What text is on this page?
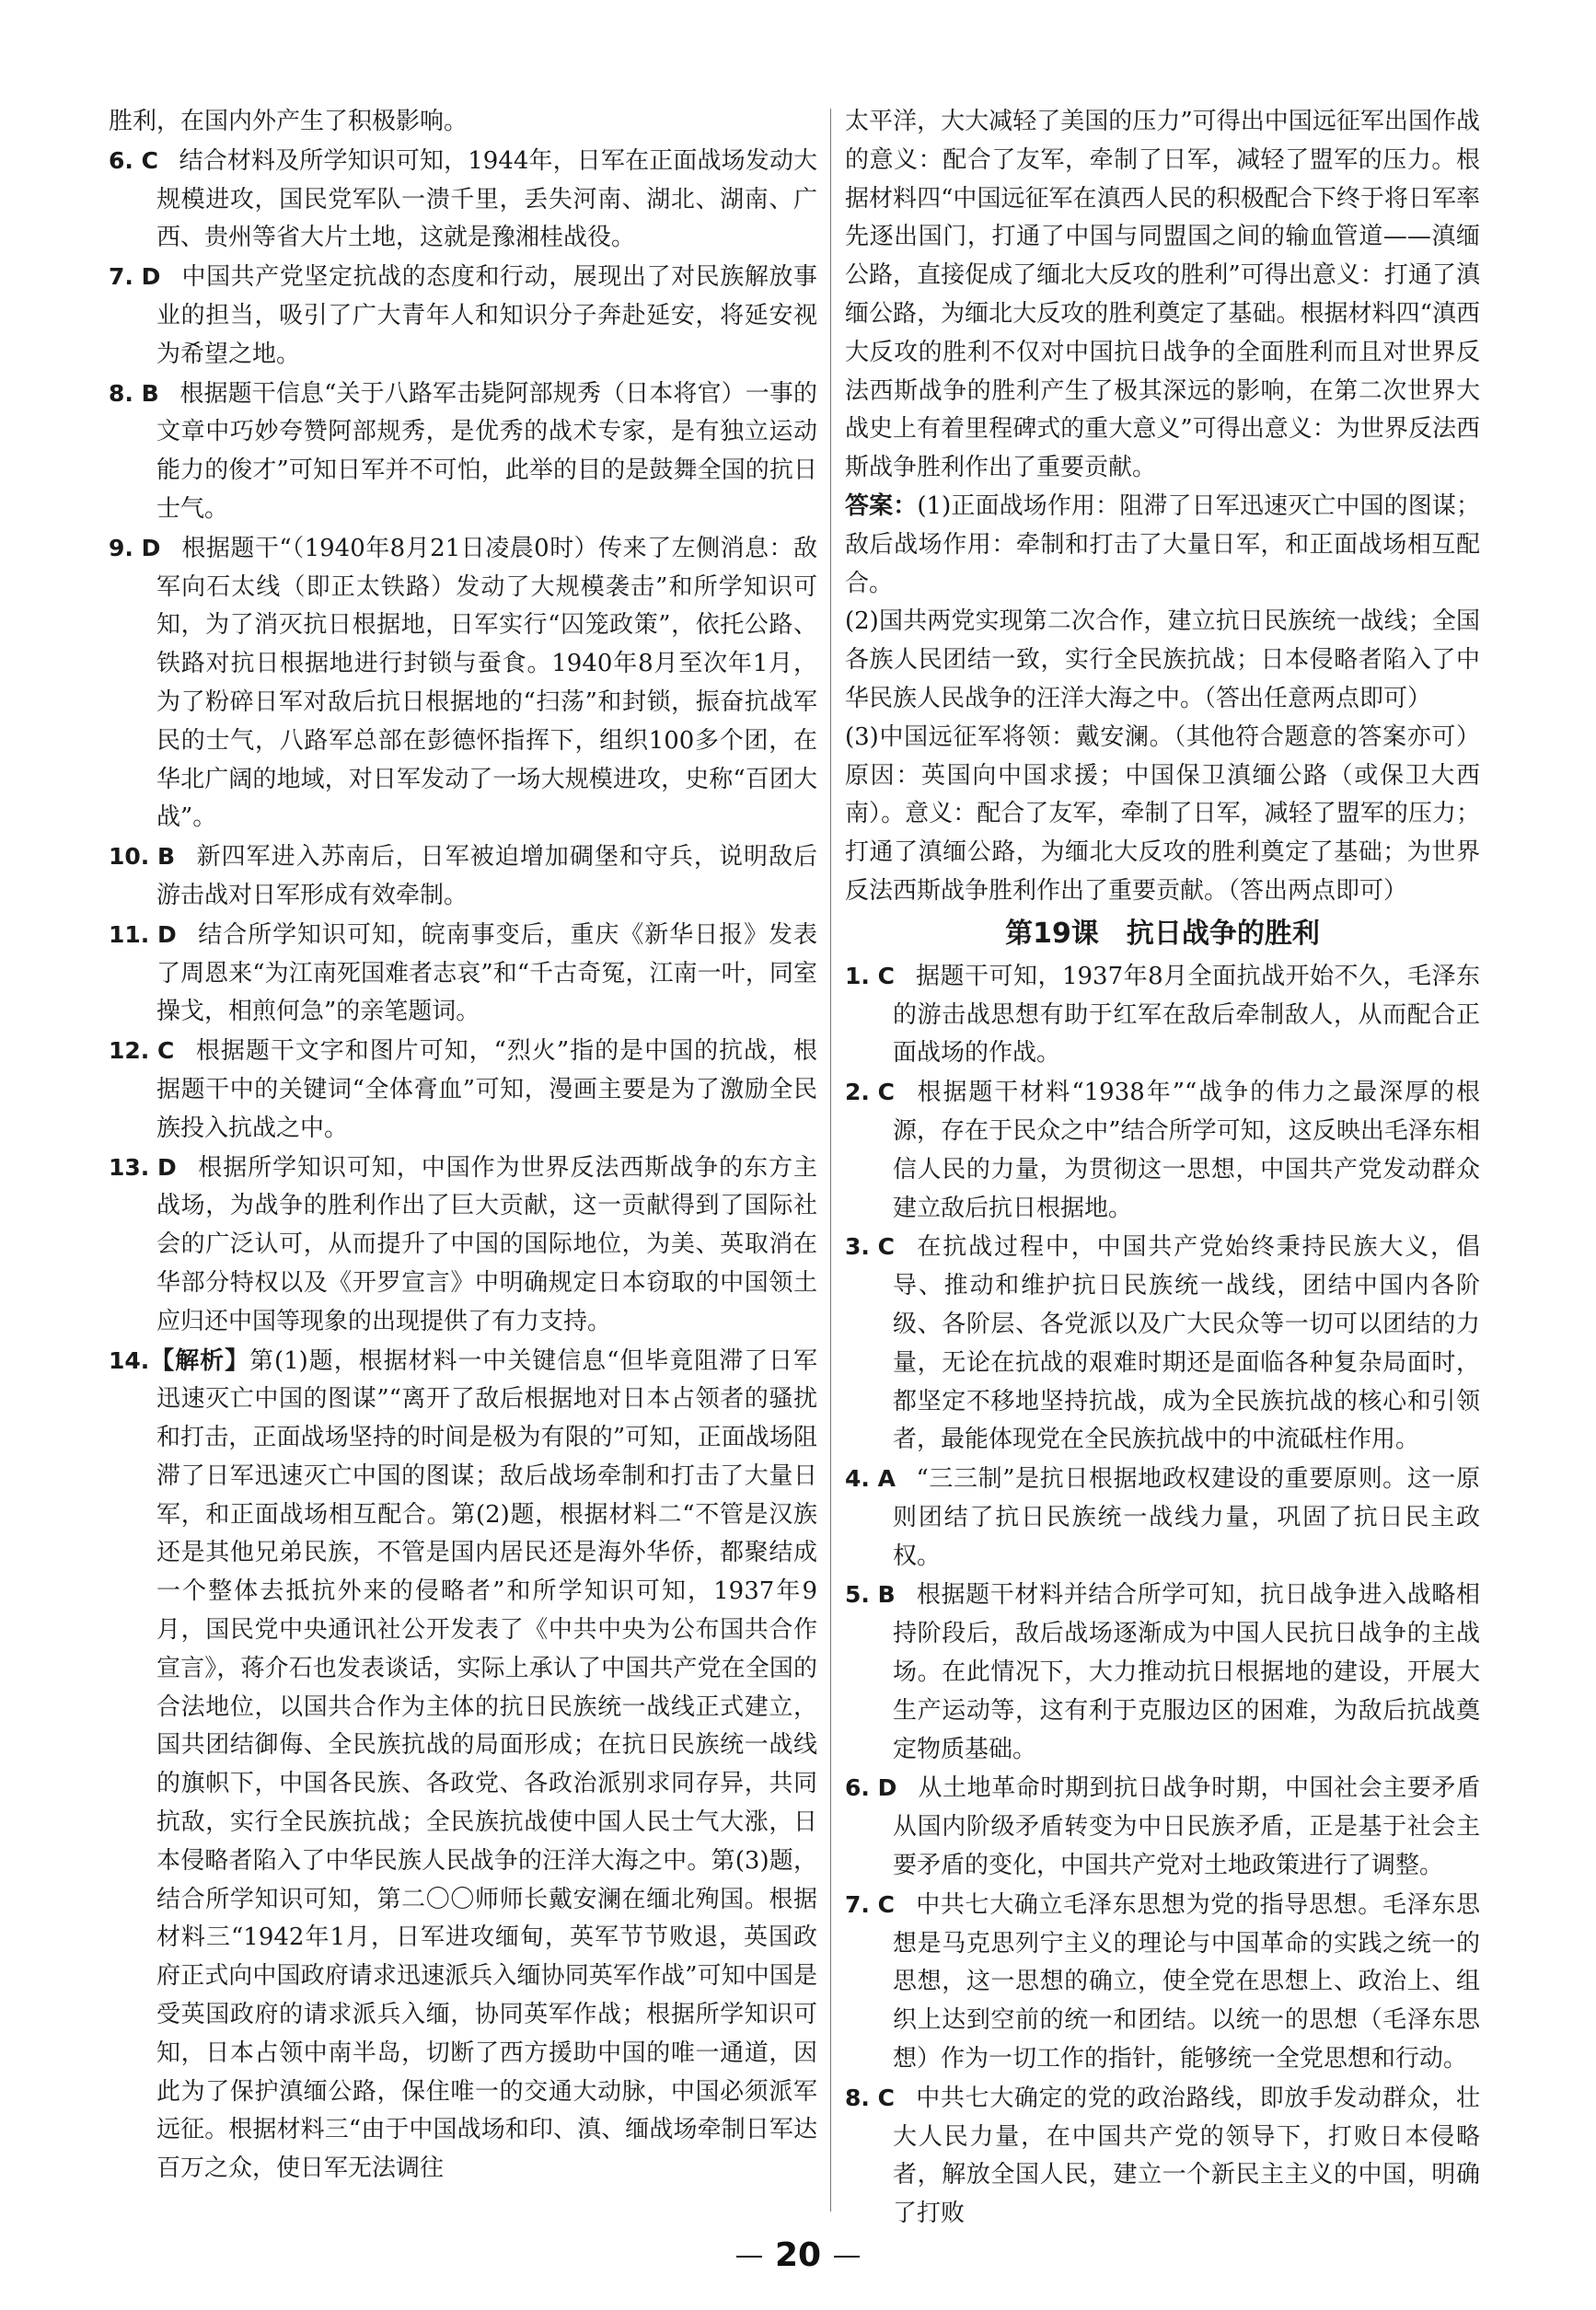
胜利，在国内外产生了积极影响。

6. C 结合材料及所学知识可知，1944年，日军在正面战场发动大规模进攻，国民党军队一溃千里，丢失河南、湖北、湖南、广西、贵州等省大片土地，这就是豫湘桂战役。

7. D 中国共产党坚定抗战的态度和行动，展现出了对民族解放事业的担当，吸引了广大青年人和知识分子奔赴延安，将延安视为希望之地。

8. B 根据题干信息“关于八路军击毙阿部规秀（日本将官）一事的文章中巧妙夸赞阿部规秀，是优秀的战术专家，是有独立运动能力的俊才”可知日军并不可怕，此举的目的是鼓舞全国的抗日士气。

9. D 根据题干“（1940年8月21日凌晨0时）传来了左侧消息：敌军向石太线（即正太铁路）发动了大规模袭击”和所学知识可知，为了消灭抗日根据地，日军实行“囚笼政策”，依托公路、铁路对抗日根据地进行封锁与蚕食。1940年8月至次年1月，为了粉碎日军对敌后抗日根据地的“扫荡”和封锁，振奋抗战军民的士气，八路军总部在彭德怀指挥下，组织100多个团，在华北广阔的地域，对日军发动了一场大规模进攻，史称“百团大战”。

10. B 新四军进入苏南后，日军被迫增加碉堡和守兵，说明敌后游击战对日军形成有效牵制。

11. D 结合所学知识可知，皖南事变后，重庆《新华日报》发表了周恩来“为江南死国难者志哀”和“千古奇冤，江南一叶，同室操戈，相煎何急”的亲笔题词。

12. C 根据题干文字和图片可知，“烈火”指的是中国的抗战，根据题干中的关键词“全体膏血”可知，漫画主要是为了激励全民族投入抗战之中。

13. D 根据所学知识可知，中国作为世界反法西斯战争的东方主战场，为战争的胜利作出了巨大贡献，这一贡献得到了国际社会的广泛认可，从而提升了中国的国际地位，为美、英取消在华部分特权以及《开罗宣言》中明确规定日本窃取的中国领土应归还中国等现象的出现提供了有力支持。

14.【解析】第(1)题，根据材料一中关键信息“但毕竟阻滞了日军迅速灭亡中国的图谋”“离开了敌后根据地对日本占领者的骚扰和打击，正面战场坚持的时间是极为有限的”可知，正面战场阻滞了日军迅速灭亡中国的图谋；敌后战场牵制和打击了大量日军，和正面战场相互配合。第(2)题，根据材料二“不管是汉族还是其他兄弟民族，不管是国内居民还是海外华侨，都聚结成一个整体去抵抗外来的侵略者”和所学知识可知，1937年9月，国民党中央通讯社公开发表了《中共中央为公布国共合作宣言》，蒋介石也发表谈话，实际上承认了中国共产党在全国的合法地位，以国共合作为主体的抗日民族统一战线正式建立，国共团结御侮、全民族抗战的局面形成；在抗日民族统一战线的旗帜下，中国各民族、各政党、各政治派别求同存异，共同抗敌，实行全民族抗战；全民族抗战使中国人民士气大涨，日本侵略者陷入了中华民族人民战争的汪洋大海之中。第(3)题，结合所学知识可知，第二〇〇师师长戴安澜在缅北殉国。根据材料三“1942年1月，日军进攻缅甸，英军节节败退，英国政府正式向中国政府请求迅速派兵入缅协同英军作战”可知中国是受英国政府的请求派兵入缅，协同英军作战；根据所学知识可知，日本占领中南半岛，切断了西方援助中国的唯一通道，因此为了保护滇缅公路，保住唯一的交通大动脉，中国必须派军远征。根据材料三“由于中国战场和印、滇、缅战场牵制日军达百万之众，使日军无法调往

太平洋，大大减轻了美国的压力”可得出中国远征军出国作战的意义：配合了友军，牵制了日军，减轻了盟军的压力。根据材料四“中国远征军在滇西人民的积极配合下终于将日军率先逐出国门，打通了中国与同盟国之间的输血管道——滇缅公路，直接促成了缅北大反攻的胜利”可得出意义：打通了滇缅公路，为缅北大反攻的胜利奠定了基础。根据材料四“滇西大反攻的胜利不仅对中国抗日战争的全面胜利而且对世界反法西斯战争的胜利产生了极其深远的影响，在第二次世界大战史上有着里程碑式的重大意义”可得出意义：为世界反法西斯战争胜利作出了重要贡献。

答案：(1)正面战场作用：阻滞了日军迅速灭亡中国的图谋；敌后战场作用：牵制和打击了大量日军，和正面战场相互配合。

(2)国共两党实现第二次合作，建立抗日民族统一战线；全国各族人民团结一致，实行全民族抗战；日本侵略者陷入了中华民族人民战争的汪洋大海之中。（答出任意两点即可）

(3)中国远征军将领：戴安澜。（其他符合题意的答案亦可）原因：英国向中国求援；中国保卫滇缅公路（或保卫大西南）。意义：配合了友军，牵制了日军，减轻了盟军的压力；打通了滇缅公路，为缅北大反攻的胜利奠定了基础；为世界反法西斯战争胜利作出了重要贡献。（答出两点即可）

第19课　抗日战争的胜利

1. C 据题干可知，1937年8月全面抗战开始不久，毛泽东的游击战思想有助于红军在敌后牵制敌人，从而配合正面战场的作战。

2. C 根据题干材料“1938年”“战争的伟力之最深厚的根源，存在于民众之中”结合所学可知，这反映出毛泽东相信人民的力量，为贯彻这一思想，中国共产党发动群众建立敌后抗日根据地。

3. C 在抗战过程中，中国共产党始终秉持民族大义，倡导、推动和维护抗日民族统一战线，团结中国内各阶级、各阶层、各党派以及广大民众等一切可以团结的力量，无论在抗战的艰难时期还是面临各种复杂局面时，都坚定不移地坚持抗战，成为全民族抗战的核心和引领者，最能体现党在全民族抗战中的中流砥柱作用。

4. A “三三制”是抗日根据地政权建设的重要原则。这一原则团结了抗日民族统一战线力量，巩固了抗日民主政权。

5. B 根据题干材料并结合所学可知，抗日战争进入战略相持阶段后，敌后战场逐渐成为中国人民抗日战争的主战场。在此情况下，大力推动抗日根据地的建设，开展大生产运动等，这有利于克服边区的困难，为敌后抗战奠定物质基础。

6. D 从土地革命时期到抗日战争时期，中国社会主要矛盾从国内阶级矛盾转变为中日民族矛盾，正是基于社会主要矛盾的变化，中国共产党对土地政策进行了调整。

7. C 中共七大确立毛泽东思想为党的指导思想。毛泽东思想是马克思列宁主义的理论与中国革命的实践之统一的思想，这一思想的确立，使全党在思想上、政治上、组织上达到空前的统一和团结。以统一的思想（毛泽东思想）作为一切工作的指针，能够统一全党思想和行动。

8. C 中共七大确定的党的政治路线，即放手发动群众，壮大人民力量，在中国共产党的领导下，打败日本侵略者，解放全国人民，建立一个新民主主义的中国，明确了打败

20
